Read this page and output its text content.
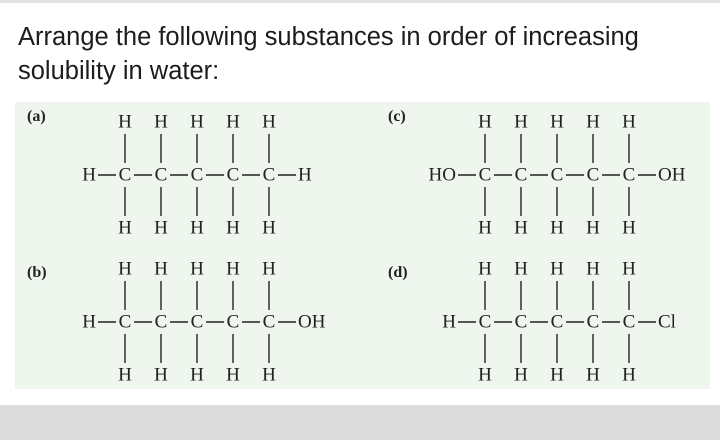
Arrange the following substances in order of increasing solubility in water:

(a)	(c)
(b)	(d)
H
C
H
H
C
H
H
C
H
H
C
H
H
C
H
H	H
H
C
H
H
C
H
H
C
H
H
C
H
H
C
H
H	OH
H
C
H
H
C
H
H
C
H
H
C
H
H
C
H
HO	OH
H
C
H
H
C
H
H
C
H
H
C
H
H
C
H
H	Cl
